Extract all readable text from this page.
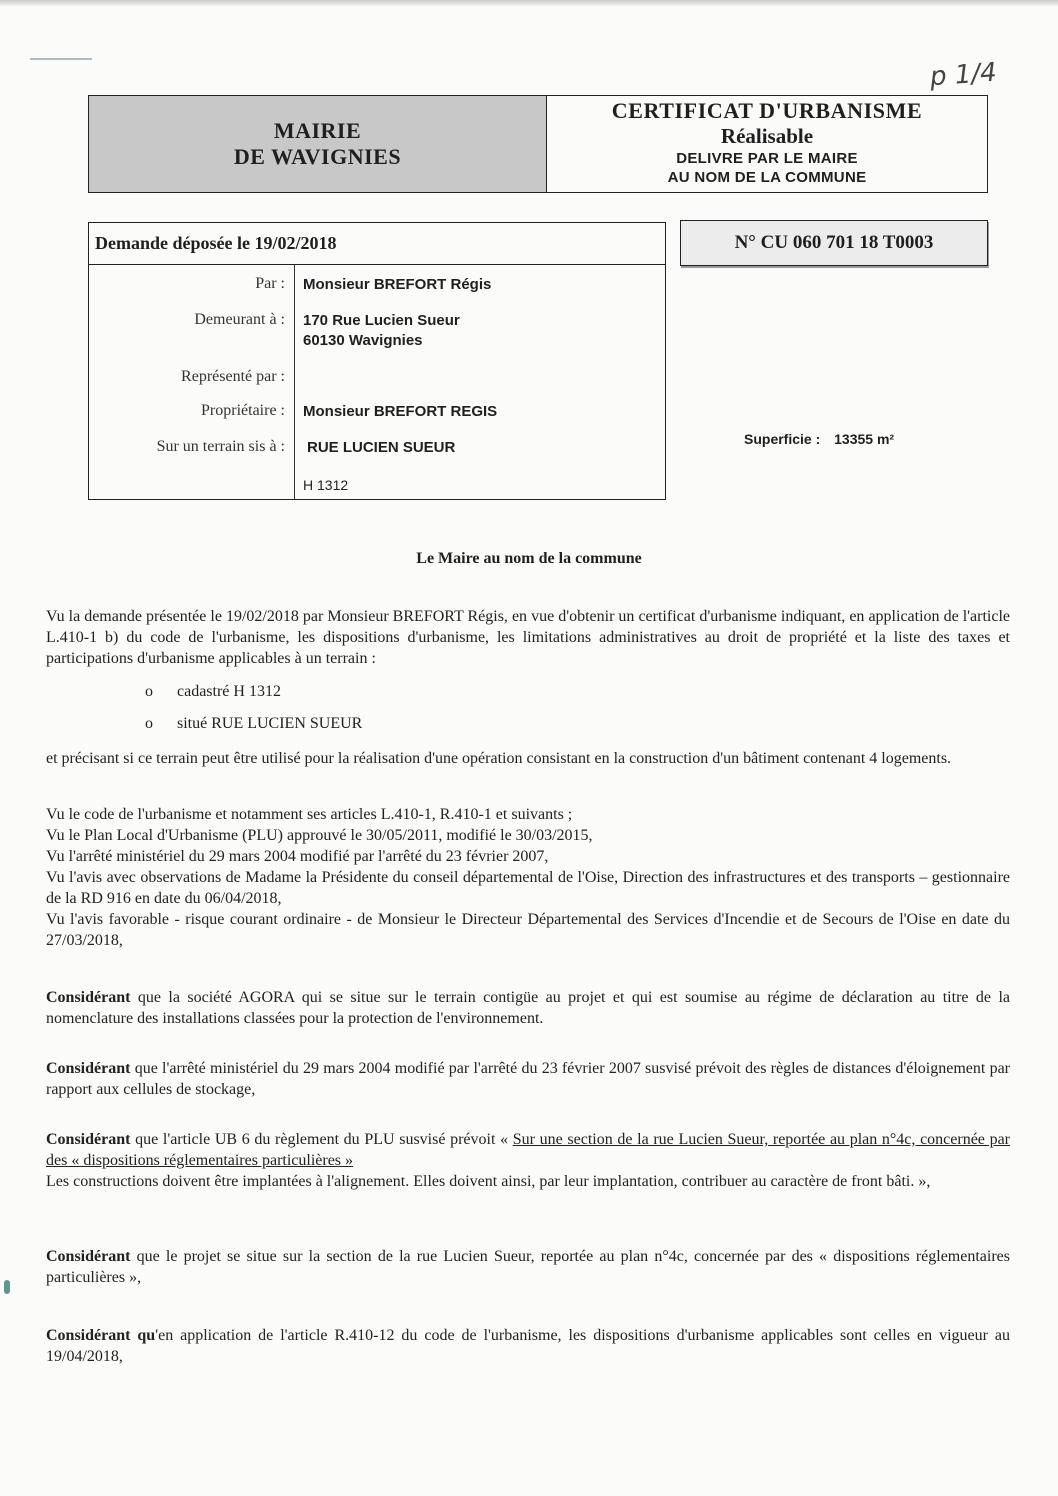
p 1/4
MAIRIE
DE WAVIGNIES
CERTIFICAT D'URBANISME
Réalisable
DELIVRE PAR LE MAIRE
AU NOM DE LA COMMUNE
Demande déposée le 19/02/2018
Par : Monsieur BREFORT Régis
Demeurant à : 170 Rue Lucien Sueur
60130 Wavignies
Représenté par :
Propriétaire : Monsieur BREFORT REGIS
Sur un terrain sis à : RUE LUCIEN SUEUR
H 1312
N° CU 060 701 18 T0003
Superficie : 13355 m²
Le Maire au nom de la commune
Vu la demande présentée le 19/02/2018 par Monsieur BREFORT Régis, en vue d'obtenir un certificat d'urbanisme indiquant, en application de l'article L.410-1 b) du code de l'urbanisme, les dispositions d'urbanisme, les limitations administratives au droit de propriété et la liste des taxes et participations d'urbanisme applicables à un terrain :
o cadastré H 1312
o situé RUE LUCIEN SUEUR
et précisant si ce terrain peut être utilisé pour la réalisation d'une opération consistant en la construction d'un bâtiment contenant 4 logements.
Vu le code de l'urbanisme et notamment ses articles L.410-1, R.410-1 et suivants ;
Vu le Plan Local d'Urbanisme (PLU) approuvé le 30/05/2011, modifié le 30/03/2015,
Vu l'arrêté ministériel du 29 mars 2004 modifié par l'arrêté du 23 février 2007,
Vu l'avis avec observations de Madame la Présidente du conseil départemental de l'Oise, Direction des infrastructures et des transports – gestionnaire de la RD 916 en date du 06/04/2018,
Vu l'avis favorable - risque courant ordinaire - de Monsieur le Directeur Départemental des Services d'Incendie et de Secours de l'Oise en date du 27/03/2018,
Considérant que la société AGORA qui se situe sur le terrain contigüe au projet et qui est soumise au régime de déclaration au titre de la nomenclature des installations classées pour la protection de l'environnement.
Considérant que l'arrêté ministériel du 29 mars 2004 modifié par l'arrêté du 23 février 2007 susvisé prévoit des règles de distances d'éloignement par rapport aux cellules de stockage,
Considérant que l'article UB 6 du règlement du PLU susvisé prévoit « Sur une section de la rue Lucien Sueur, reportée au plan n°4c, concernée par des « dispositions réglementaires particulières »
Les constructions doivent être implantées à l'alignement. Elles doivent ainsi, par leur implantation, contribuer au caractère de front bâti. »,
Considérant que le projet se situe sur la section de la rue Lucien Sueur, reportée au plan n°4c, concernée par des « dispositions réglementaires particulières »,
Considérant qu'en application de l'article R.410-12 du code de l'urbanisme, les dispositions d'urbanisme applicables sont celles en vigueur au 19/04/2018,
